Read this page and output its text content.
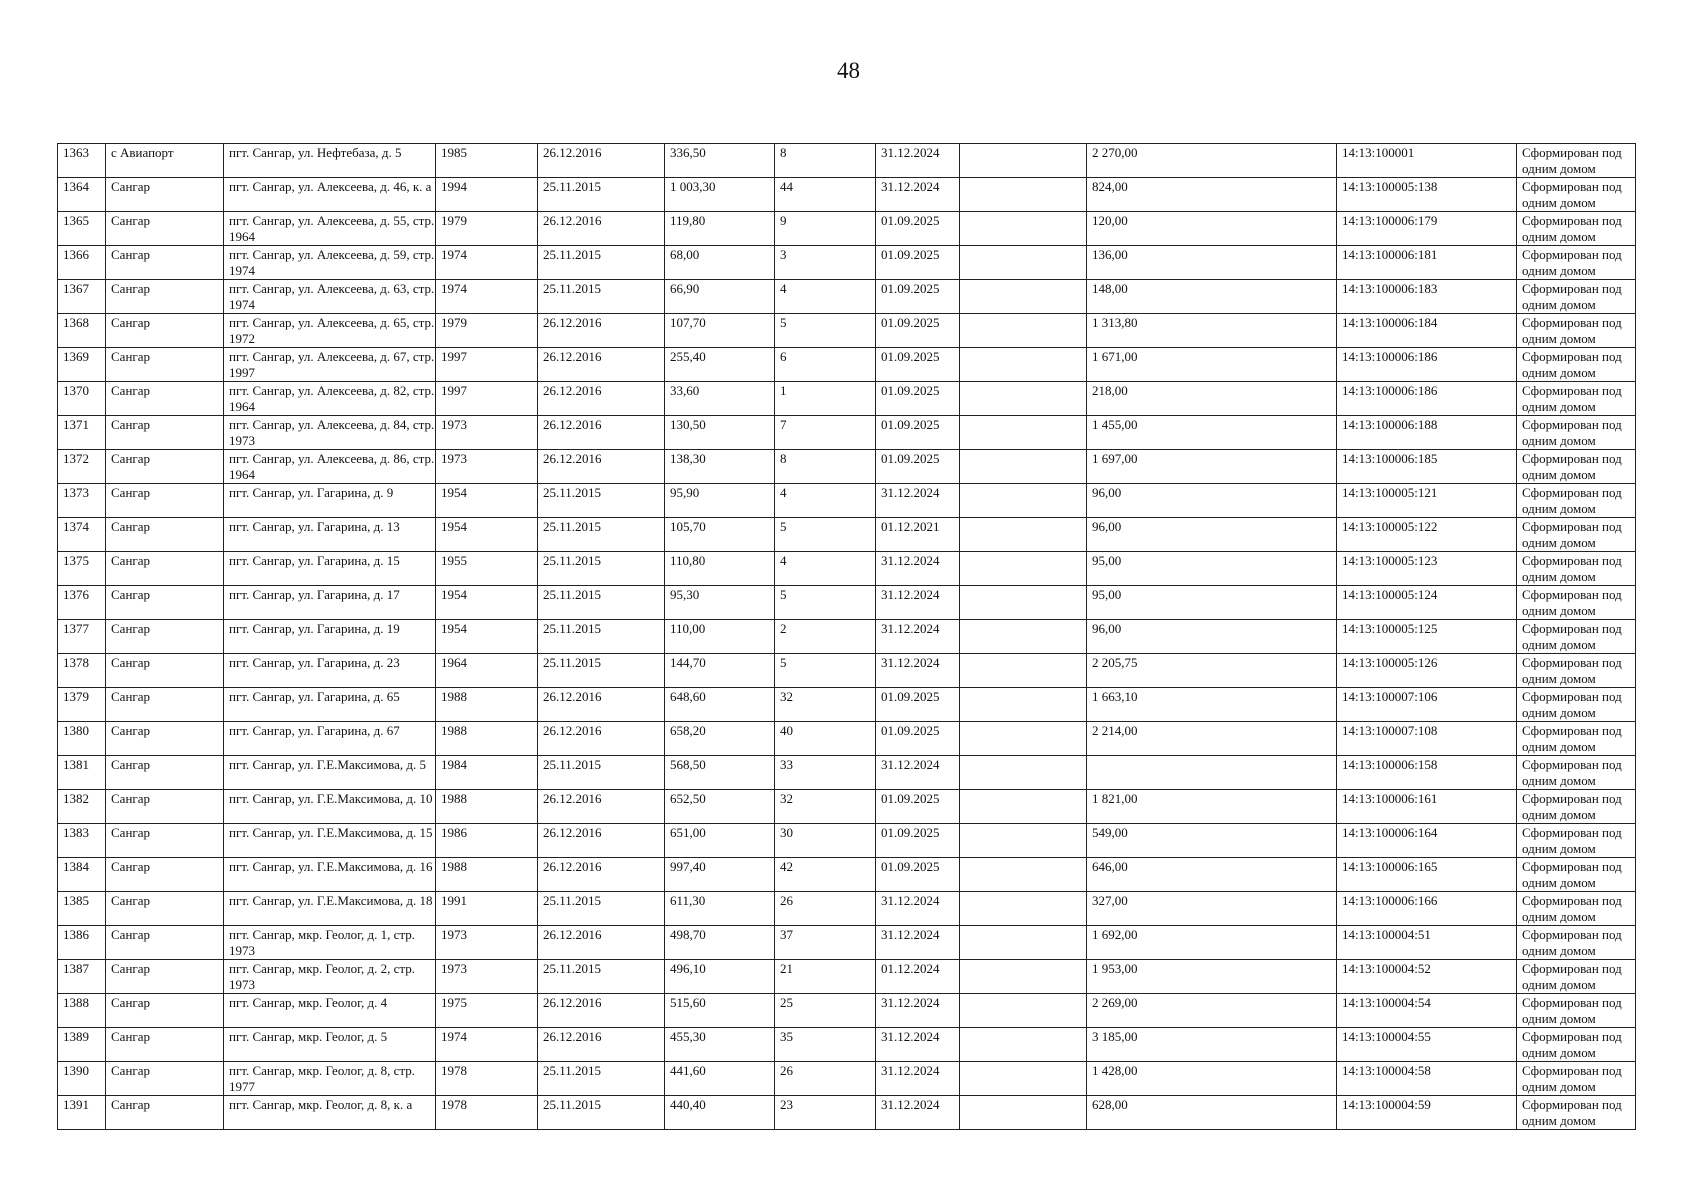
48
1363	с Авиапорт	пгт. Сангар, ул. Нефтебаза, д. 5	1985	26.12.2016	336,50	8	31.12.2024		2 270,00	14:13:100001	Сформирован под одним домом
1364	Сангар	пгт. Сангар, ул. Алексеева, д. 46, к. а	1994	25.11.2015	1 003,30	44	31.12.2024		824,00	14:13:100005:138	Сформирован под одним домом
1365	Сангар	пгт. Сангар, ул. Алексеева, д. 55, стр. 1964	1979	26.12.2016	119,80	9	01.09.2025		120,00	14:13:100006:179	Сформирован под одним домом
1366	Сангар	пгт. Сангар, ул. Алексеева, д. 59, стр. 1974	1974	25.11.2015	68,00	3	01.09.2025		136,00	14:13:100006:181	Сформирован под одним домом
1367	Сангар	пгт. Сангар, ул. Алексеева, д. 63, стр. 1974	1974	25.11.2015	66,90	4	01.09.2025		148,00	14:13:100006:183	Сформирован под одним домом
1368	Сангар	пгт. Сангар, ул. Алексеева, д. 65, стр. 1972	1979	26.12.2016	107,70	5	01.09.2025		1 313,80	14:13:100006:184	Сформирован под одним домом
1369	Сангар	пгт. Сангар, ул. Алексеева, д. 67, стр. 1997	1997	26.12.2016	255,40	6	01.09.2025		1 671,00	14:13:100006:186	Сформирован под одним домом
1370	Сангар	пгт. Сангар, ул. Алексеева, д. 82, стр. 1964	1997	26.12.2016	33,60	1	01.09.2025		218,00	14:13:100006:186	Сформирован под одним домом
1371	Сангар	пгт. Сангар, ул. Алексеева, д. 84, стр. 1973	1973	26.12.2016	130,50	7	01.09.2025		1 455,00	14:13:100006:188	Сформирован под одним домом
1372	Сангар	пгт. Сангар, ул. Алексеева, д. 86, стр. 1964	1973	26.12.2016	138,30	8	01.09.2025		1 697,00	14:13:100006:185	Сформирован под одним домом
1373	Сангар	пгт. Сангар, ул. Гагарина, д. 9	1954	25.11.2015	95,90	4	31.12.2024		96,00	14:13:100005:121	Сформирован под одним домом
1374	Сангар	пгт. Сангар, ул. Гагарина, д. 13	1954	25.11.2015	105,70	5	01.12.2021		96,00	14:13:100005:122	Сформирован под одним домом
1375	Сангар	пгт. Сангар, ул. Гагарина, д. 15	1955	25.11.2015	110,80	4	31.12.2024		95,00	14:13:100005:123	Сформирован под одним домом
1376	Сангар	пгт. Сангар, ул. Гагарина, д. 17	1954	25.11.2015	95,30	5	31.12.2024		95,00	14:13:100005:124	Сформирован под одним домом
1377	Сангар	пгт. Сангар, ул. Гагарина, д. 19	1954	25.11.2015	110,00	2	31.12.2024		96,00	14:13:100005:125	Сформирован под одним домом
1378	Сангар	пгт. Сангар, ул. Гагарина, д. 23	1964	25.11.2015	144,70	5	31.12.2024		2 205,75	14:13:100005:126	Сформирован под одним домом
1379	Сангар	пгт. Сангар, ул. Гагарина, д. 65	1988	26.12.2016	648,60	32	01.09.2025		1 663,10	14:13:100007:106	Сформирован под одним домом
1380	Сангар	пгт. Сангар, ул. Гагарина, д. 67	1988	26.12.2016	658,20	40	01.09.2025		2 214,00	14:13:100007:108	Сформирован под одним домом
1381	Сангар	пгт. Сангар, ул. Г.Е.Максимова, д. 5	1984	25.11.2015	568,50	33	31.12.2024			14:13:100006:158	Сформирован под одним домом
1382	Сангар	пгт. Сангар, ул. Г.Е.Максимова, д. 10	1988	26.12.2016	652,50	32	01.09.2025		1 821,00	14:13:100006:161	Сформирован под одним домом
1383	Сангар	пгт. Сангар, ул. Г.Е.Максимова, д. 15	1986	26.12.2016	651,00	30	01.09.2025		549,00	14:13:100006:164	Сформирован под одним домом
1384	Сангар	пгт. Сангар, ул. Г.Е.Максимова, д. 16	1988	26.12.2016	997,40	42	01.09.2025		646,00	14:13:100006:165	Сформирован под одним домом
1385	Сангар	пгт. Сангар, ул. Г.Е.Максимова, д. 18	1991	25.11.2015	611,30	26	31.12.2024		327,00	14:13:100006:166	Сформирован под одним домом
1386	Сангар	пгт. Сангар, мкр. Геолог, д. 1, стр. 1973	1973	26.12.2016	498,70	37	31.12.2024		1 692,00	14:13:100004:51	Сформирован под одним домом
1387	Сангар	пгт. Сангар, мкр. Геолог, д. 2, стр. 1973	1973	25.11.2015	496,10	21	01.12.2024		1 953,00	14:13:100004:52	Сформирован под одним домом
1388	Сангар	пгт. Сангар, мкр. Геолог, д. 4	1975	26.12.2016	515,60	25	31.12.2024		2 269,00	14:13:100004:54	Сформирован под одним домом
1389	Сангар	пгт. Сангар, мкр. Геолог, д. 5	1974	26.12.2016	455,30	35	31.12.2024		3 185,00	14:13:100004:55	Сформирован под одним домом
1390	Сангар	пгт. Сангар, мкр. Геолог, д. 8, стр. 1977	1978	25.11.2015	441,60	26	31.12.2024		1 428,00	14:13:100004:58	Сформирован под одним домом
1391	Сангар	пгт. Сангар, мкр. Геолог, д. 8, к. а	1978	25.11.2015	440,40	23	31.12.2024		628,00	14:13:100004:59	Сформирован под одним домом
